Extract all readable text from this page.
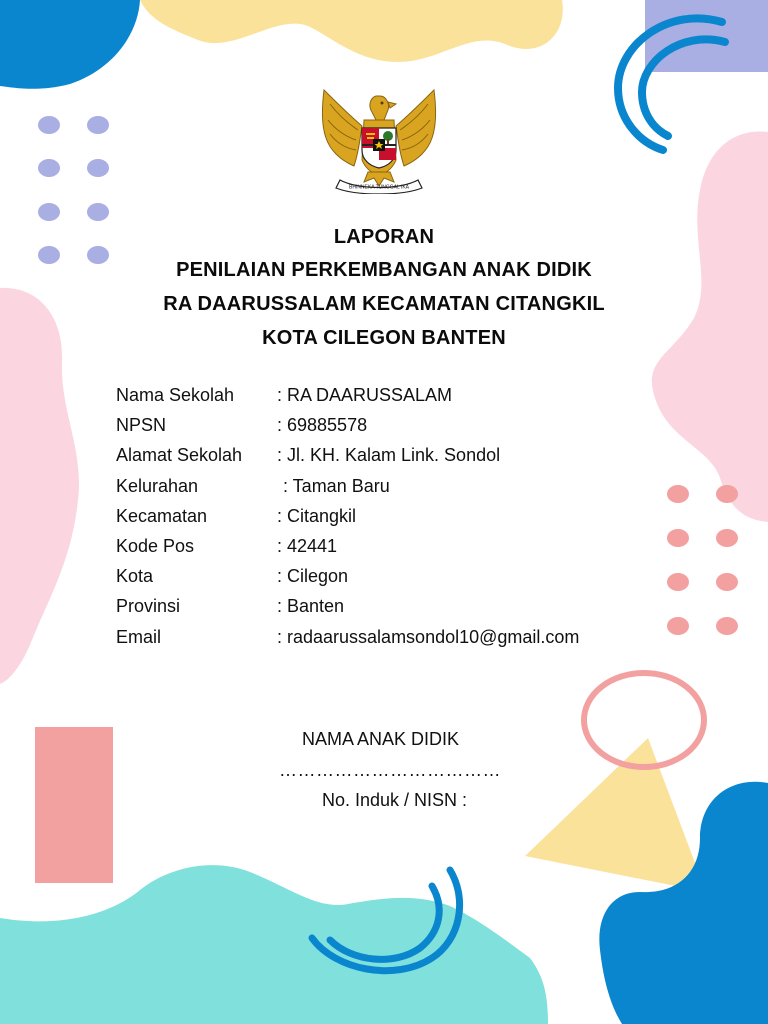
BHINNEKA TUNGGAL IKA
LAPORAN
PENILAIAN PERKEMBANGAN ANAK DIDIK
RA DAARUSSALAM KECAMATAN CITANGKIL
KOTA CILEGON BANTEN
Nama Sekolah : RA DAARUSSALAM
NPSN	: 69885578
Alamat Sekolah : Jl. KH. Kalam Link. Sondol
Kelurahan	: Taman Baru
Kecamatan	: Citangkil
Kode Pos	: 42441
Kota	: Cilegon
Provinsi	: Banten
Email	: radaarussalamsondol10@gmail.com
NAMA ANAK DIDIK
………………………………
No. Induk / NISN :
